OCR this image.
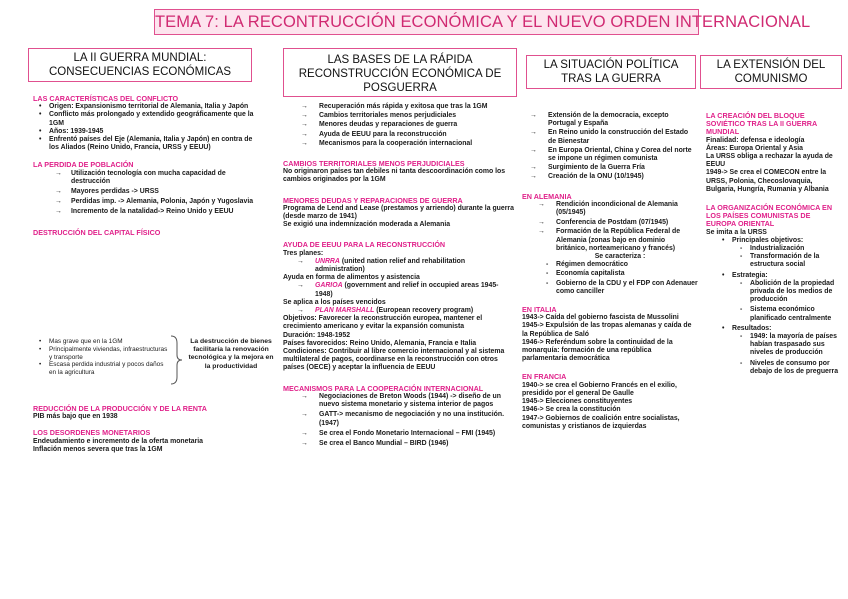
TEMA 7: LA RECONTRUCCIÓN ECONÓMICA Y EL NUEVO ORDEN INTERNACIONAL
LA II GUERRA MUNDIAL: CONSECUENCIAS ECONÓMICAS
LAS BASES DE LA RÁPIDA RECONSTRUCCIÓN ECONÓMICA DE POSGUERRA
LA SITUACIÓN POLÍTICA TRAS LA GUERRA
LA EXTENSIÓN DEL COMUNISMO

LAS CARACTERÍSTICAS DEL CONFLICTO

• Origen: Expansionismo territorial de Alemania, Italia y Japón
• Conflicto más prolongado y extendido geográficamente que la 1GM
• Años: 1939-1945
• Enfrentó países del Eje (Alemania, Italia y Japón) en contra de los Aliados (Reino Unido, Francia, URSS y EEUU)

LA PERDIDA DE POBLACIÓN

→ Utilización tecnología con mucha capacidad de destrucción
→ Mayores perdidas -> URSS
→ Perdidas imp. -> Alemania, Polonia, Japón y Yugoslavia
→ Incremento de la natalidad-> Reino Unido y EEUU

DESTRUCCIÓN DEL CAPITAL FÍSICO

• Mas grave que en la 1GM
• Principalmente viviendas, infraestructuras y transporte
• Escasa perdida industrial y pocos daños en la agricultura
La destrucción de bienes facilitaría la renovación tecnológica y la mejora en la productividad

REDUCCIÓN DE LA PRODUCCIÓN Y DE LA RENTA

PIB más bajo que en 1938

LOS DESORDENES MONETARIOS

Endeudamiento e incremento de la oferta monetaria

Inflación menos severa que tras la 1GM

→ Recuperación más rápida y exitosa que tras la 1GM
→ Cambios territoriales menos perjudiciales
→ Menores deudas y reparaciones de guerra
→ Ayuda de EEUU para la reconstrucción
→ Mecanismos para la cooperación internacional

CAMBIOS TERRITORIALES MENOS PERJUDICIALES

No originaron países tan debiles ni tanta descoordinación como los cambios originados por la 1GM

MENORES DEUDAS Y REPARACIONES DE GUERRA

Programa de Lend and Lease (prestamos y arriendo) durante la guerra (desde marzo de 1941)

Se exigió una indemnización moderada a Alemania

AYUDA DE EEUU PARA LA RECONSTRUCCIÓN

Tres planes:

→ UNRRA (united nation relief and rehabilitation administration)

Ayuda en forma de alimentos y asistencia

→ GARIOA (government and relief in occupied areas 1945-1948)

Se aplica a los países vencidos

→ PLAN MARSHALL (European recovery program)

Objetivos: Favorecer la reconstrucción europea, mantener el crecimiento americano y evitar la expansión comunista

Duración: 1948-1952

Países favorecidos: Reino Unido, Alemania, Francia e Italia

Condiciones: Contribuir al libre comercio internacional y al sistema multilateral de pagos, coordinarse en la reconstrucción con otros países (OECE) y aceptar la influencia de EEUU

MECANISMOS PARA LA COOPERACIÓN INTERNACIONAL

→ Negociaciones de Breton Woods (1944) -> diseño de un nuevo sistema monetario y sistema interior de pagos
→ GATT-> mecanismo de negociación y no una institución. (1947)
→ Se crea el Fondo Monetario Internacional – FMI (1945)
→ Se crea el Banco Mundial – BIRD (1946)
→ Extensión de la democracia, excepto Portugal y España
→ En Reino unido la construcción del Estado de Bienestar
→ En Europa Oriental, China y Corea del norte se impone un régimen comunista
→ Surgimiento de la Guerra Fría
→ Creación de la ONU (10/1945)

EN ALEMANIA

→ Rendición incondicional de Alemania (05/1945)
→ Conferencia de Postdam (07/1945)
→ Formación de la República Federal de Alemania (zonas bajo en dominio británico, norteamericano y francés)

Se caracteriza :

- Régimen democrático
- Economía capitalista
- Gobierno de la CDU y el FDP con Adenauer como canciller

EN ITALIA

1943-> Caída del gobierno fascista de Mussolini

1945-> Expulsión de las tropas alemanas y caída de la República de Saló

1946-> Referéndum sobre la continuidad de la monarquía: formación de una república parlamentaria democrática

EN FRANCIA

1940-> se crea el Gobierno Francés en el exilio, presidido por el general De Gaulle

1945-> Elecciones constituyentes

1946-> Se crea la constitución

1947-> Gobiernos de coalición entre socialistas, comunistas y cristianos de izquierdas

LA CREACIÓN DEL BLOQUE SOVIÉTICO TRAS LA II GUERRA MUNDIAL

Finalidad: defensa e ideología

Áreas: Europa Oriental y Asia

La URSS obliga a rechazar la ayuda de EEUU

1949-> Se crea el COMECON entre la URSS, Polonia, Checoslovaquia, Bulgaria, Hungría, Rumania y Albania

LA ORGANIZACIÓN ECONÓMICA EN LOS PAÍSES COMUNISTAS DE EUROPA ORIENTAL

Se imita a la URSS

• Principales objetivos:
- Industrialización
- Transformación de la estructura social
• Estrategia:
- Abolición de la propiedad privada de los medios de producción
- Sistema económico planificado centralmente
• Resultados:
- 1949: la mayoría de países habían traspasado sus niveles de producción
- Niveles de consumo por debajo de los de preguerra
